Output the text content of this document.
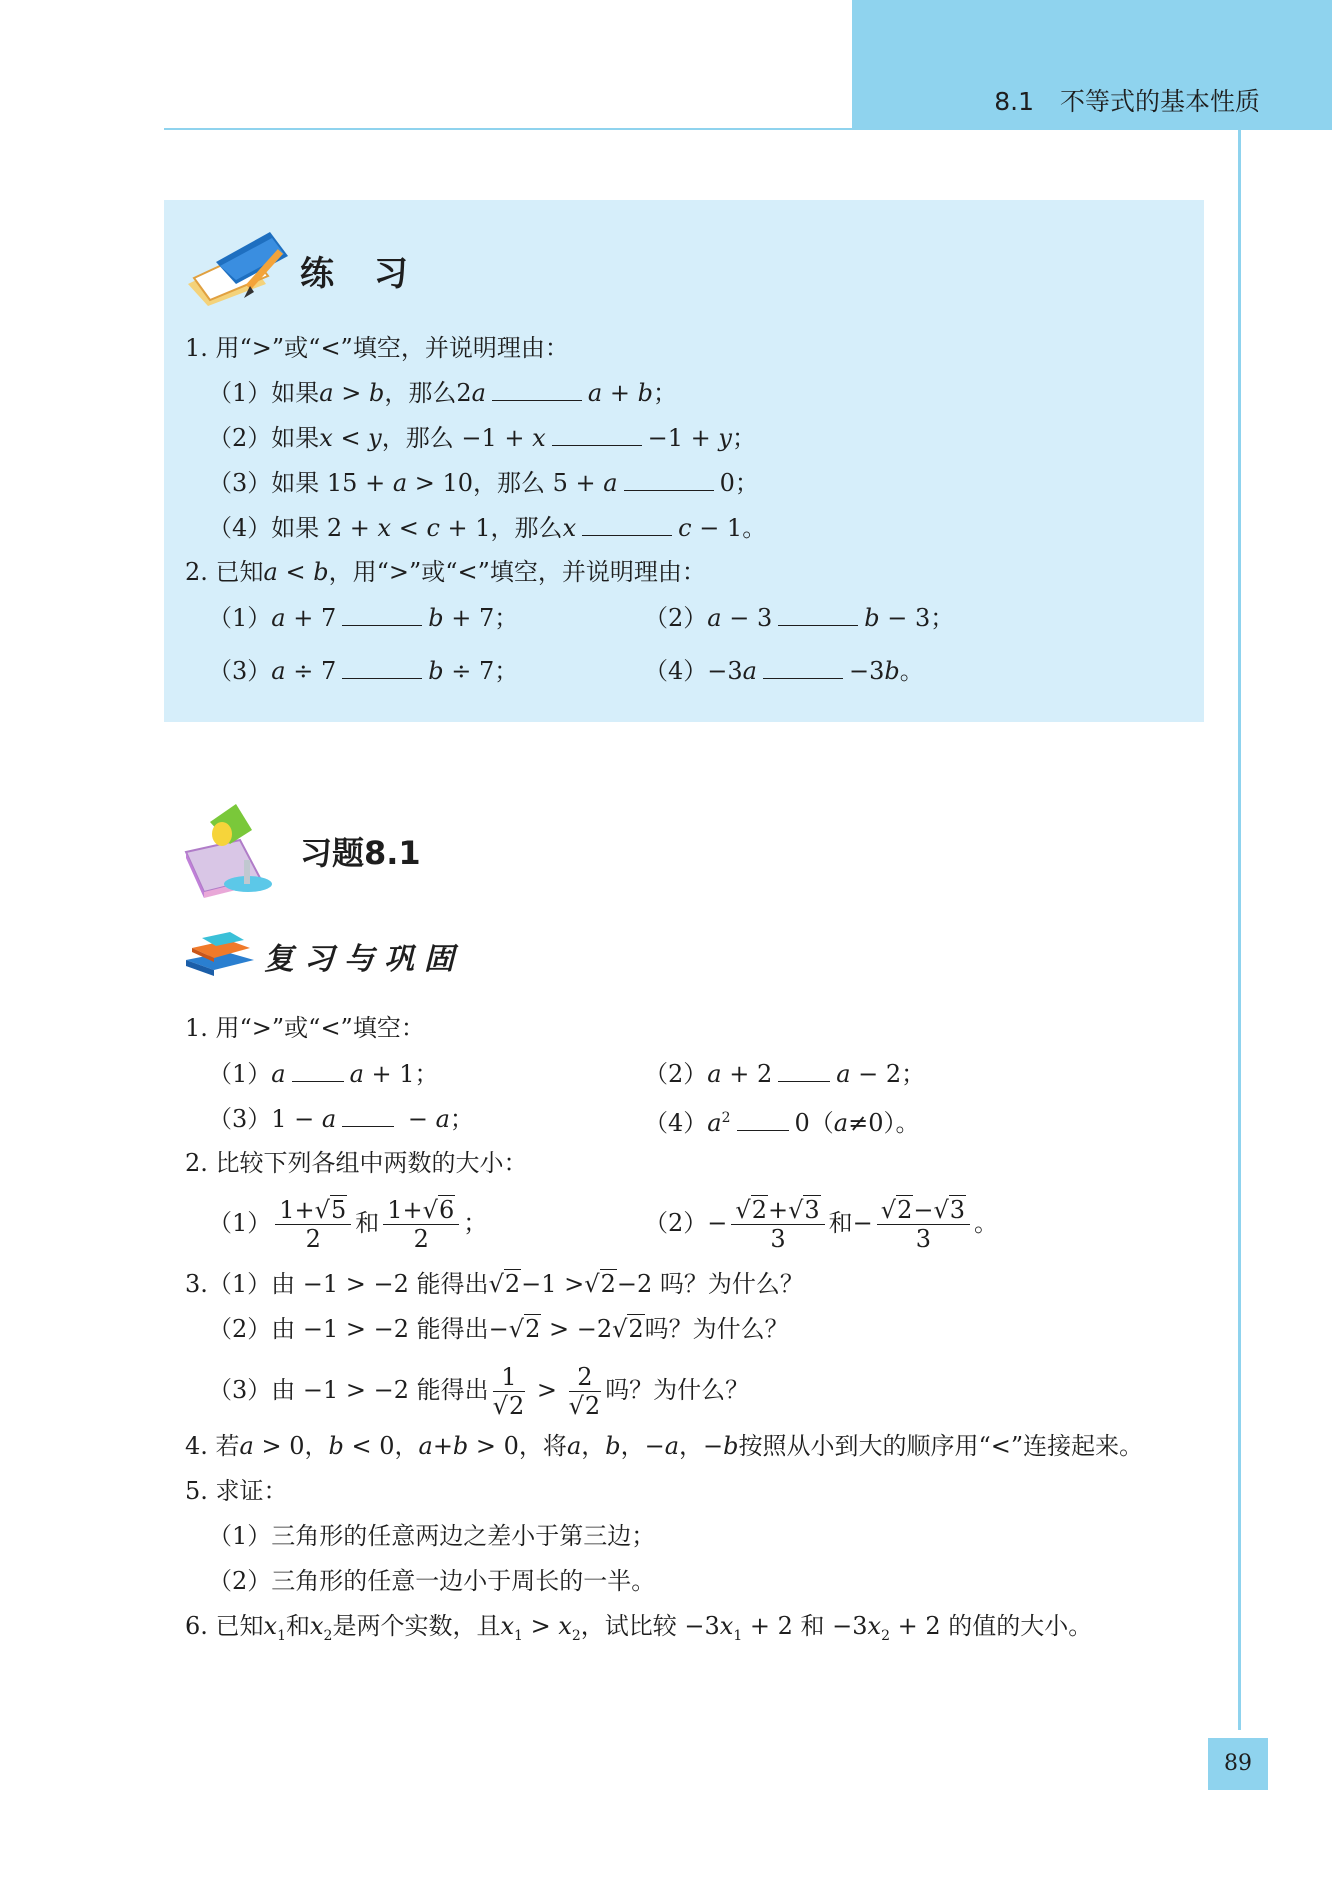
8.1 不等式的基本性质
练 习
1. 用“>”或“<”填空，并说明理由：
（1）如果a > b，那么2a	a + b；
（2）如果x < y，那么 −1 + x	−1 + y；
（3）如果 15 + a > 10，那么 5 + a	0；
（4）如果 2 + x < c + 1，那么x	c − 1。
2. 已知a < b，用“>”或“<”填空，并说明理由：
（1）a + 7	b + 7；	（2）a − 3	b − 3；
（3）a ÷ 7	b ÷ 7；	（4）−3a	−3b。
习题8.1
复习与巩固
1. 用“>”或“<”填空：
（1）a	a + 1；	（2）a + 2	a − 2；
（3）1 − a	− a；	$(4)a^2$	0（a≠0）。
2. 比较下列各组中两数的大小：
$(1) \frac{1+√5}{2}$ 和 $\frac{1+√6}{2}$ ；	$(2)- \frac{√2+√3}{3}$ 和− $\frac{√2-√3}{3}$ 。
3.（1）由 −1 > −2 能得出√2−1 >√2−2 吗？为什么？
（2）由 −1 > −2 能得出−√2 > −2√2吗？为什么？
（3）由 −1 > −2 能得出 $\frac{1}{√2} > \frac{2}{√2}$ 吗？为什么？
4. 若a > 0，b < 0，a+b > 0，将a，b，−a，−b按照从小到大的顺序用“<”连接起来。
5. 求证：
（1）三角形的任意两边之差小于第三边；
（2）三角形的任意一边小于周长的一半。
6. 已知$x_1$和$x_2$是两个实数，且$x_1 > x_2$，试比较 $-3x_1 + 2$ 和 $-3x_2 + 2$ 的值的大小。
89
